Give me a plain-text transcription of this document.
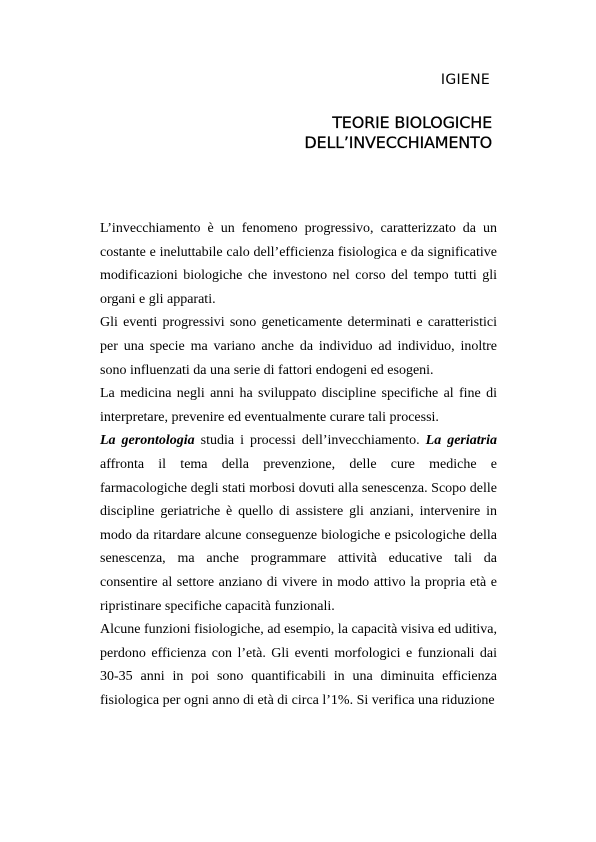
IGIENE
TEORIE BIOLOGICHE
DELL’INVECCHIAMENTO

L’invecchiamento è un fenomeno progressivo, caratterizzato da un costante e ineluttabile calo dell’efficienza fisiologica e da significative modificazioni biologiche che investono nel corso del tempo tutti gli organi e gli apparati.

Gli eventi progressivi sono geneticamente determinati e caratteristici per una specie ma variano anche da individuo ad individuo, inoltre sono influenzati da una serie di fattori endogeni ed esogeni.

La medicina negli anni ha sviluppato discipline specifiche al fine di interpretare, prevenire ed eventualmente curare tali processi.

La gerontologia studia i processi dell’invecchiamento. La geriatria affronta il tema della prevenzione, delle cure mediche e farmacologiche degli stati morbosi dovuti alla senescenza. Scopo delle discipline geriatriche è quello di assistere gli anziani, intervenire in modo da ritardare alcune conseguenze biologiche e psicologiche della senescenza, ma anche programmare attività educative tali da consentire al settore anziano di vivere in modo attivo la propria età e ripristinare specifiche capacità funzionali.

Alcune funzioni fisiologiche, ad esempio, la capacità visiva ed uditiva, perdono efficienza con l’età. Gli eventi morfologici e funzionali dai 30-35 anni in poi sono quantificabili in una diminuita efficienza fisiologica per ogni anno di età di circa l’1%. Si verifica una riduzione
